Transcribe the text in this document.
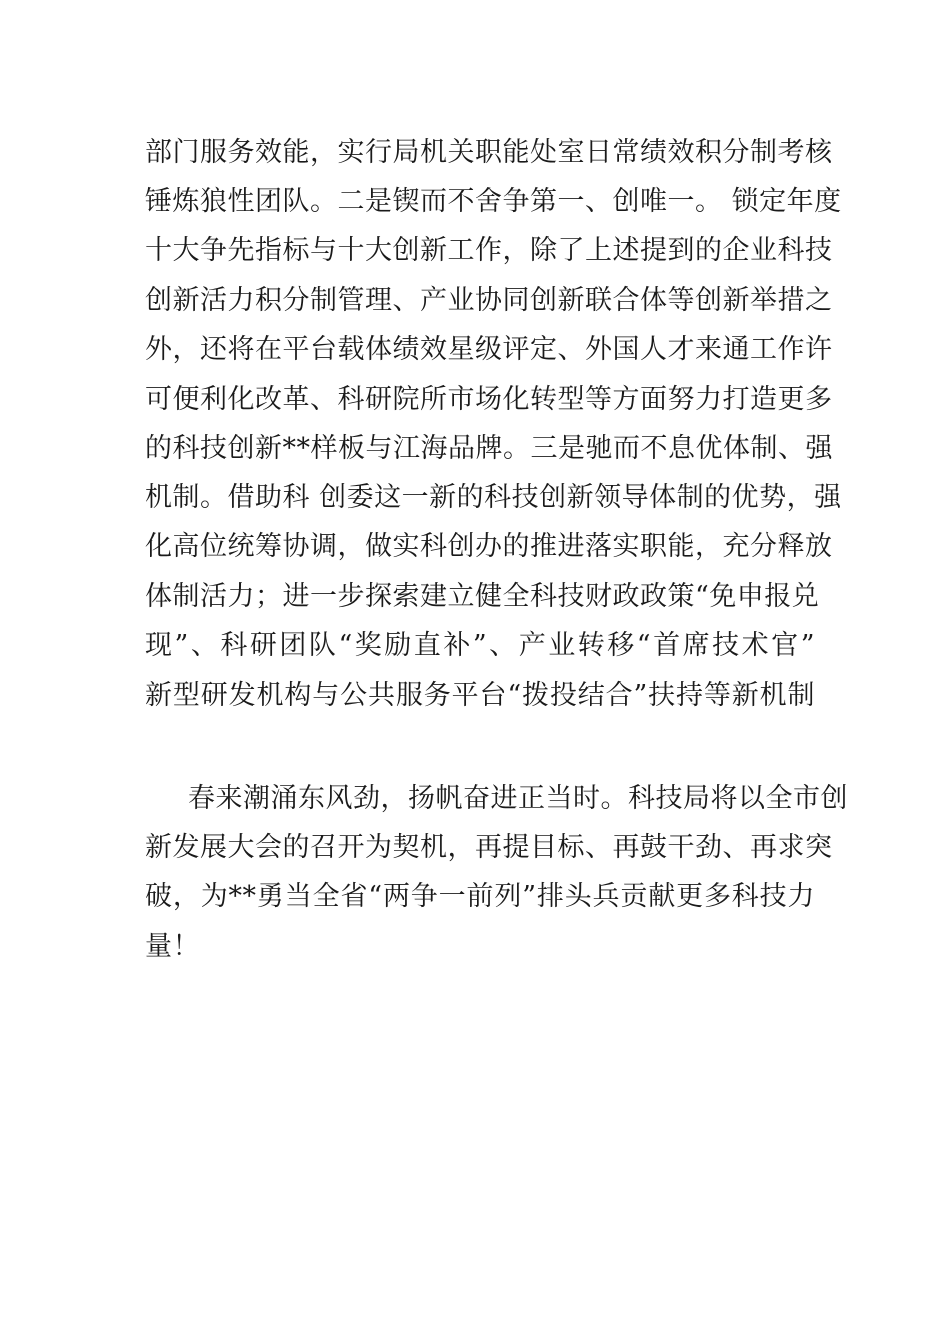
部门服务效能，实行局机关职能处室日常绩效积分制考核
锤炼狼性团队。二是锲而不舍争第一、创唯一。 锁定年度
十大争先指标与十大创新工作，除了上述提到的企业科技
创新活力积分制管理、产业协同创新联合体等创新举措之
外，还将在平台载体绩效星级评定、外国人才来通工作许
可便利化改革、科研院所市场化转型等方面努力打造更多
的科技创新**样板与江海品牌。三是驰而不息优体制、强
机制。借助科 创委这一新的科技创新领导体制的优势，强
化高位统筹协调，做实科创办的推进落实职能，充分释放
体制活力；进一步探索建立健全科技财政政策“免申报兑
现”、科研团队“奖励直补”、产业转移“首席技术官”
新型研发机构与公共服务平台“拨投结合”扶持等新机制
春来潮涌东风劲，扬帆奋进正当时。科技局将以全市创
新发展大会的召开为契机，再提目标、再鼓干劲、再求突
破，为**勇当全省“两争一前列”排头兵贡献更多科技力
量！
